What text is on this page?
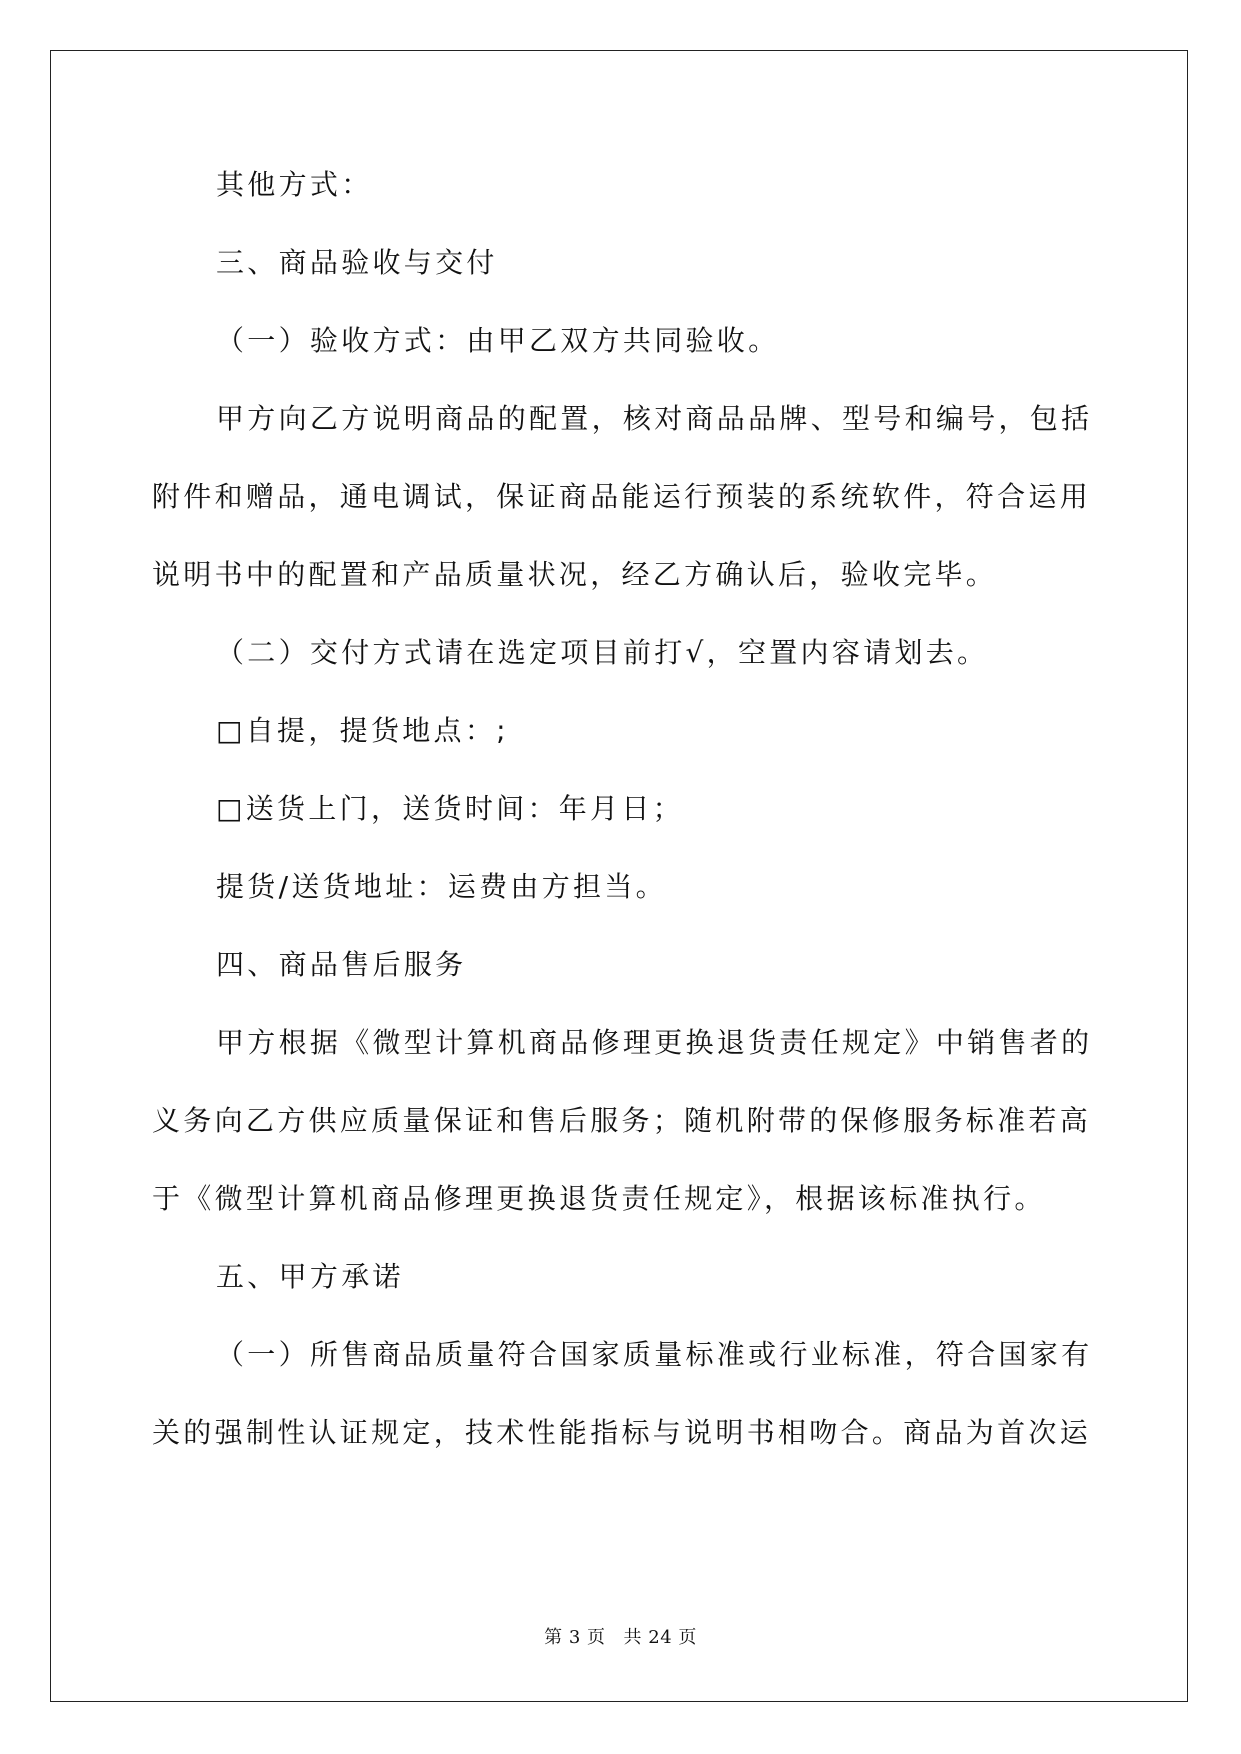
其他方式：
三、商品验收与交付
（一）验收方式：由甲乙双方共同验收。
甲方向乙方说明商品的配置，核对商品品牌、型号和编号，包括
附件和赠品，通电调试，保证商品能运行预装的系统软件，符合运用
说明书中的配置和产品质量状况，经乙方确认后，验收完毕。
（二）交付方式请在选定项目前打√，空置内容请划去。
□自提，提货地点：;
□送货上门，送货时间：年月日；
提货/送货地址：运费由方担当。
四、商品售后服务
甲方根据《微型计算机商品修理更换退货责任规定》中销售者的
义务向乙方供应质量保证和售后服务；随机附带的保修服务标准若高
于《微型计算机商品修理更换退货责任规定》，根据该标准执行。
五、甲方承诺
（一）所售商品质量符合国家质量标准或行业标准，符合国家有
关的强制性认证规定，技术性能指标与说明书相吻合。商品为首次运
第 3 页 共 24 页
